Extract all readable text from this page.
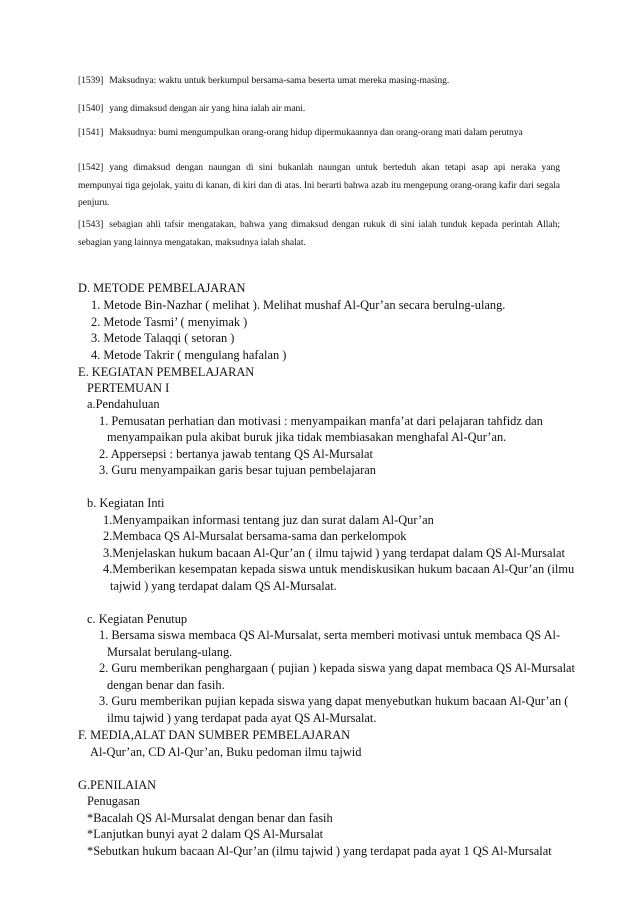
[1539] Maksudnya: waktu untuk berkumpul bersama-sama beserta umat mereka masing-masing.
[1540] yang dimaksud dengan air yang hina ialah air mani.
[1541] Maksudnya: bumi mengumpulkan orang-orang hidup dipermukaannya dan orang-orang mati dalam perutnya
[1542] yang dimaksud dengan naungan di sini bukanlah naungan untuk berteduh akan tetapi asap api neraka yang mempunyai tiga gejolak, yaitu di kanan, di kiri dan di atas. Ini berarti bahwa azab itu mengepung orang-orang kafir dari segala penjuru.
[1543] sebagian ahli tafsir mengatakan, bahwa yang dimaksud dengan rukuk di sini ialah tunduk kepada perintah Allah; sebagian yang lainnya mengatakan, maksudnya ialah shalat.
D. METODE PEMBELAJARAN
1. Metode Bin-Nazhar ( melihat ). Melihat mushaf Al-Qur’an secara berulng-ulang.
2. Metode Tasmi’ ( menyimak )
3. Metode Talaqqi ( setoran )
4. Metode Takrir ( mengulang hafalan )
E. KEGIATAN PEMBELAJARAN
PERTEMUAN I
a.Pendahuluan
1. Pemusatan perhatian dan motivasi : menyampaikan manfa’at dari pelajaran tahfidz dan
menyampaikan pula akibat buruk jika tidak membiasakan menghafal Al-Qur’an.
2. Appersepsi : bertanya jawab tentang QS Al-Mursalat
3. Guru menyampaikan garis besar tujuan pembelajaran
b. Kegiatan Inti
1.Menyampaikan informasi tentang juz dan surat dalam Al-Qur’an
2.Membaca QS Al-Mursalat bersama-sama dan perkelompok
3.Menjelaskan hukum bacaan Al-Qur’an ( ilmu tajwid ) yang terdapat dalam QS Al-Mursalat
4.Memberikan kesempatan kepada siswa untuk mendiskusikan hukum bacaan Al-Qur’an (ilmu
tajwid ) yang terdapat dalam QS Al-Mursalat.
c. Kegiatan Penutup
1. Bersama siswa membaca QS Al-Mursalat, serta memberi motivasi untuk membaca QS Al-
Mursalat berulang-ulang.
2. Guru memberikan penghargaan ( pujian ) kepada siswa yang dapat membaca QS Al-Mursalat
dengan benar dan fasih.
3. Guru memberikan pujian kepada siswa yang dapat menyebutkan hukum bacaan Al-Qur’an (
ilmu tajwid ) yang terdapat pada ayat QS Al-Mursalat.
F. MEDIA,ALAT DAN SUMBER PEMBELAJARAN
Al-Qur’an, CD Al-Qur’an, Buku pedoman ilmu tajwid
G.PENILAIAN
Penugasan
*Bacalah QS Al-Mursalat dengan benar dan fasih
*Lanjutkan bunyi ayat 2 dalam QS Al-Mursalat
*Sebutkan hukum bacaan Al-Qur’an (ilmu tajwid ) yang terdapat pada ayat 1 QS Al-Mursalat
